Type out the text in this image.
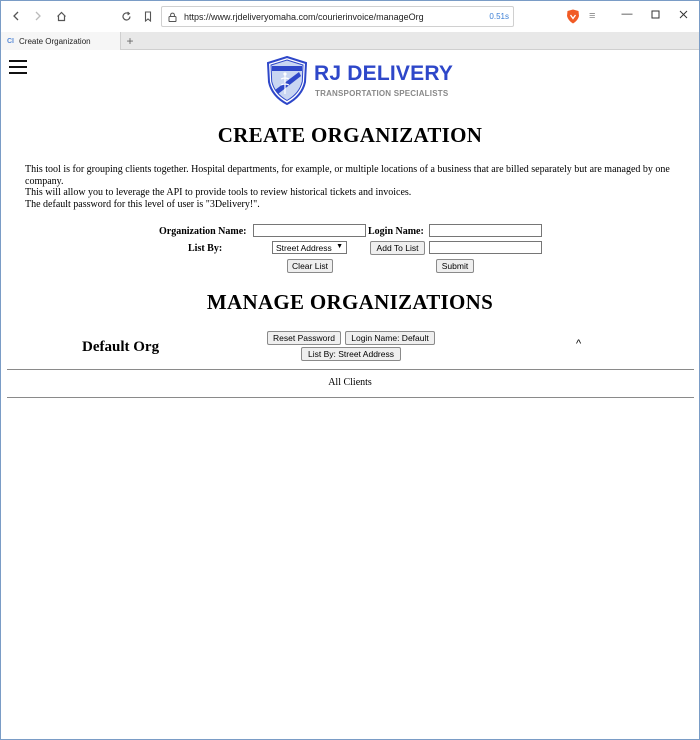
https://www.rjdeliveryomaha.com/courierinvoice/manageOrg	0.51s	≡	—
CI Create Organization	+
RJ DELIVERY
TRANSPORTATION SPECIALISTS
CREATE ORGANIZATION
This tool is for grouping clients together. Hospital departments, for example, or multiple locations of a business that are billed separately but are managed by one company.
This will allow you to leverage the API to provide tools to review historical tickets and invoices.
The default password for this level of user is "3Delivery!".
Organization Name:	Login Name:
List By:	Street Address ▼	Add To List
Clear List	Submit
MANAGE ORGANIZATIONS
Default Org
Reset Password	Login Name: Default
List By: Street Address
^
All Clients
